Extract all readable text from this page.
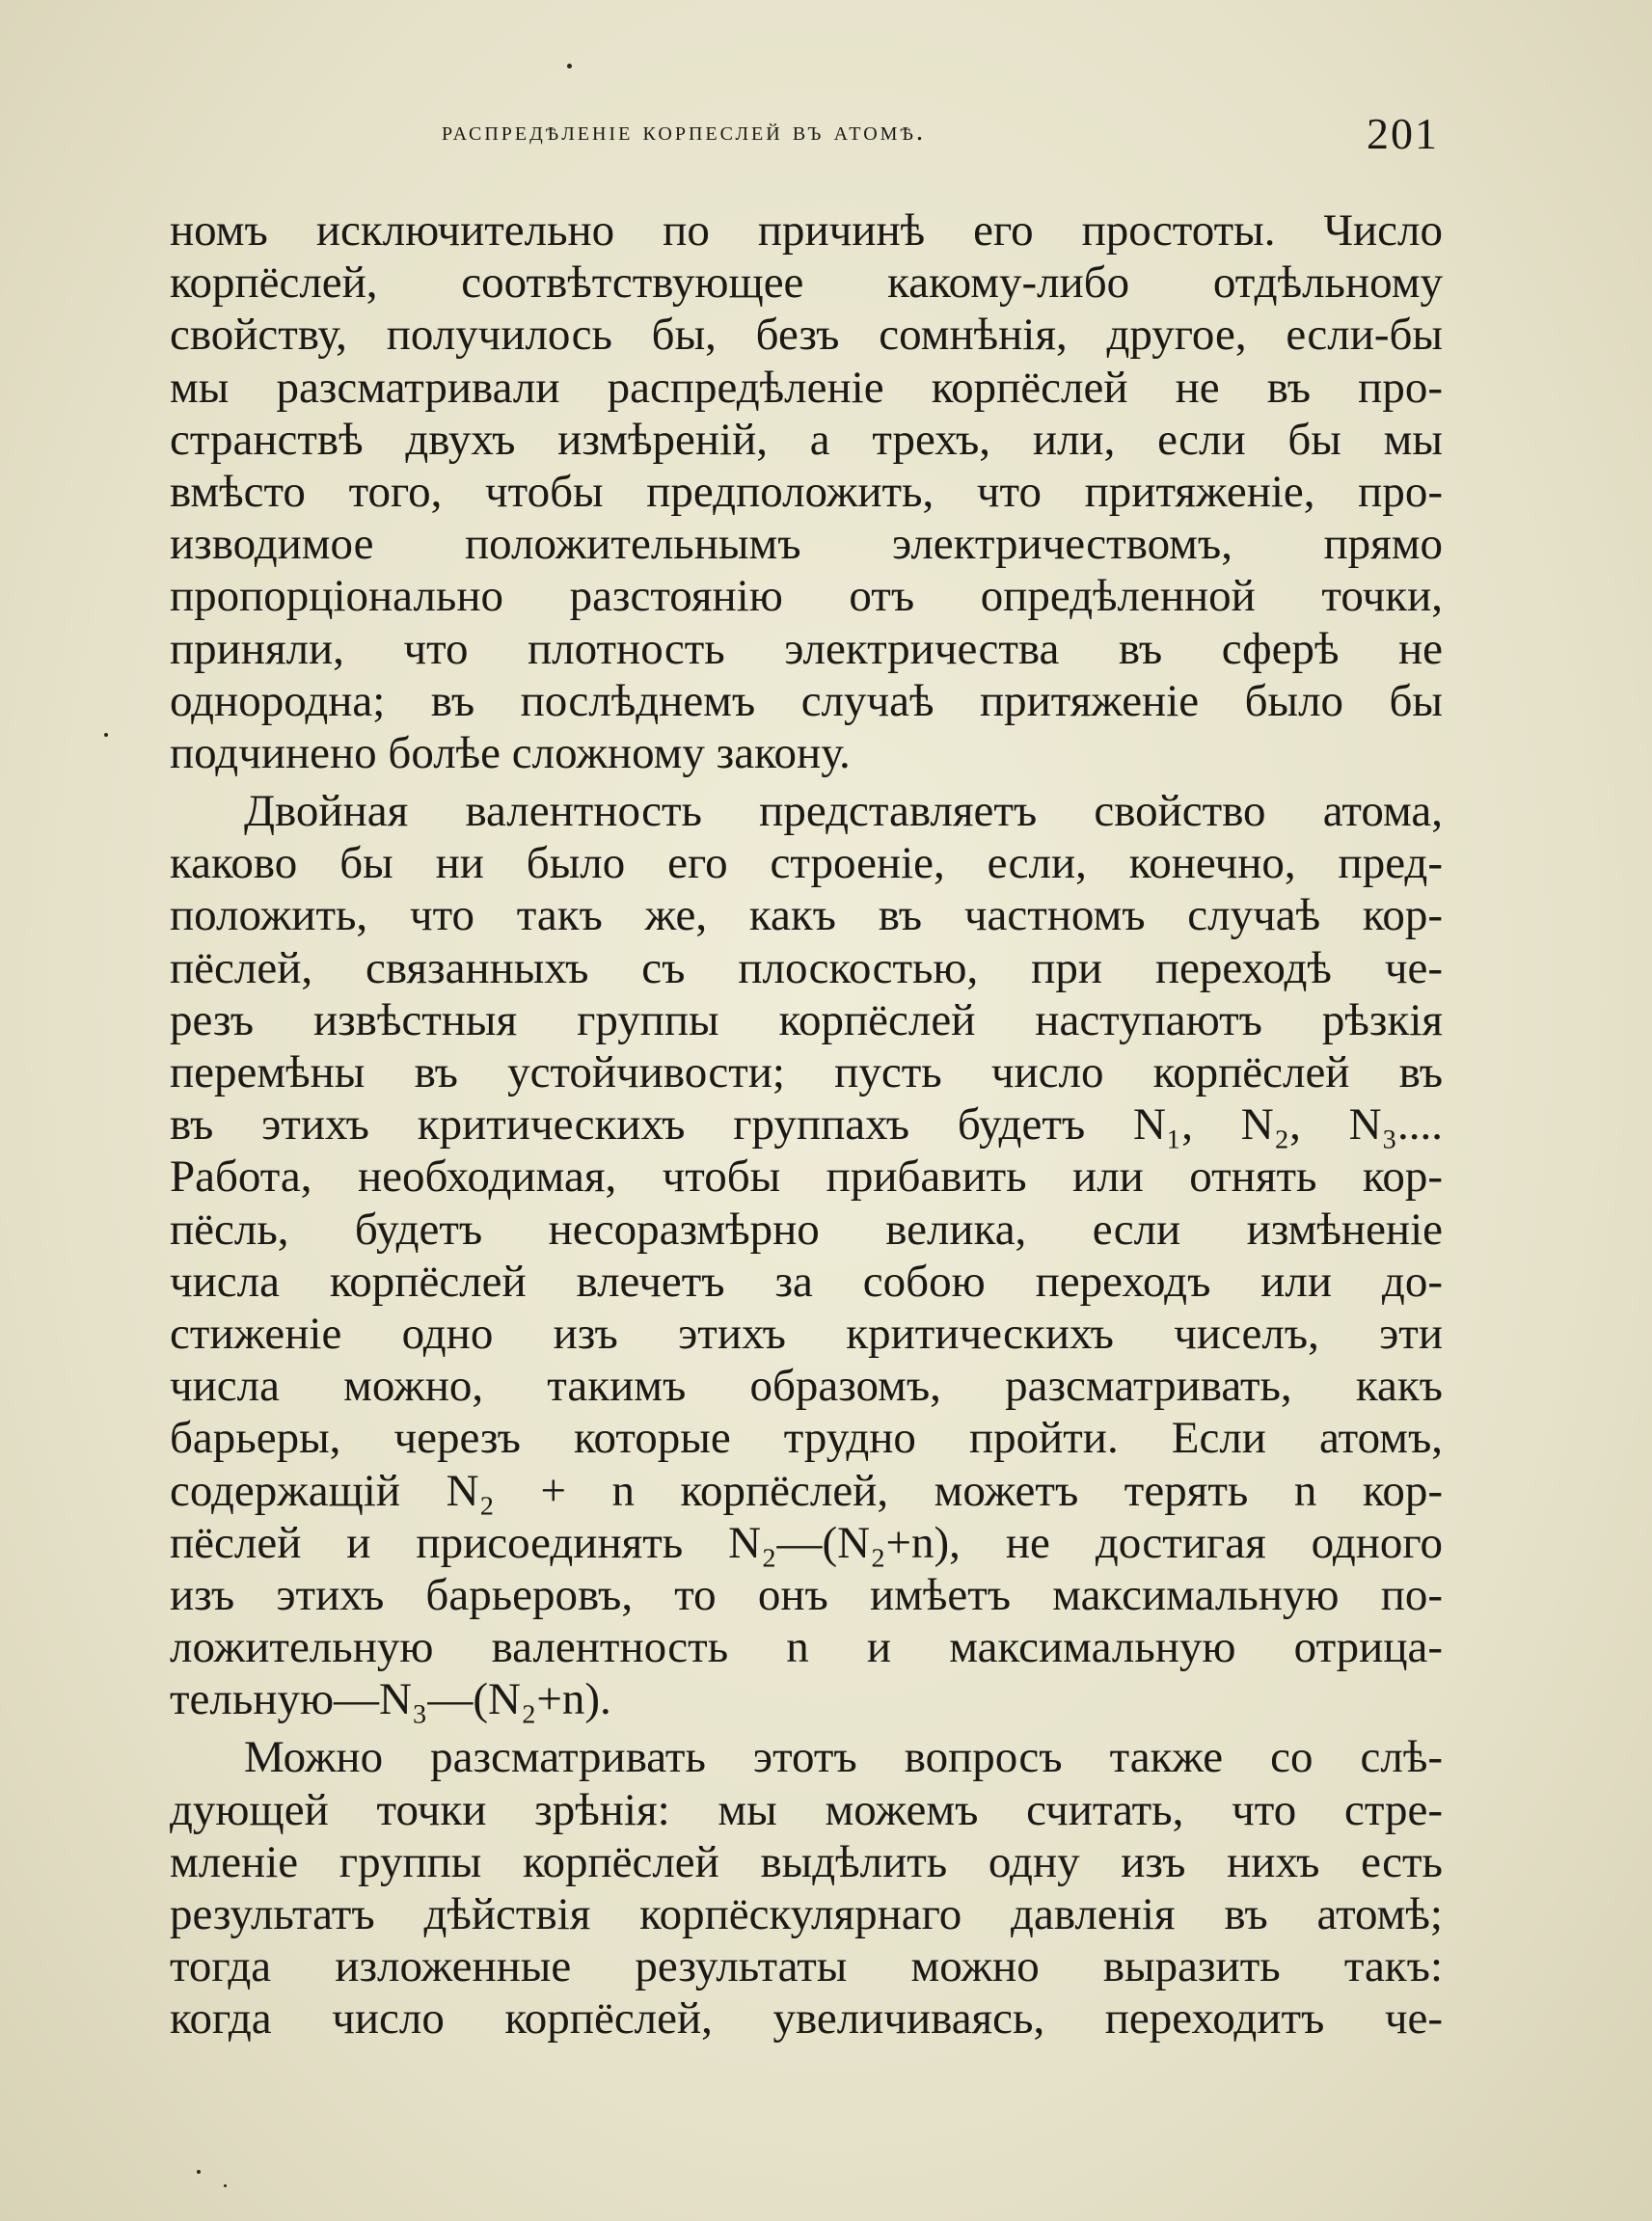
распредѣленіе корпеслей въ атомѣ.	201
номъ исключительно по причинѣ его простоты. Число
корпёслей, соотвѣтствующее какому-либо отдѣльному
свойству, получилось бы, безъ сомнѣнія, другое, если-бы
мы разсматривали распредѣленіе корпёслей не въ про-
странствѣ двухъ измѣреній, а трехъ, или, если бы мы
вмѣсто того, чтобы предположить, что притяженіе, про-
изводимое положительнымъ электричествомъ, прямо
пропорціонально разстоянію отъ опредѣленной точки,
приняли, что плотность электричества въ сферѣ не
однородна; въ послѣднемъ случаѣ притяженіе было бы
подчинено болѣе сложному закону.
Двойная валентность представляетъ свойство атома,
каково бы ни было его строеніе, если, конечно, пред-
положить, что такъ же, какъ въ частномъ случаѣ кор-
пёслей, связанныхъ съ плоскостью, при переходѣ че-
резъ извѣстныя группы корпёслей наступаютъ рѣзкія
перемѣны въ устойчивости; пусть число корпёслей въ
въ этихъ критическихъ группахъ будетъ N₁, N₂, N₃....
Работа, необходимая, чтобы прибавить или отнять кор-
пёсль, будетъ несоразмѣрно велика, если измѣненіе
числа корпёслей влечетъ за собою переходъ или до-
стиженіе одно изъ этихъ критическихъ чиселъ, эти
числа можно, такимъ образомъ, разсматривать, какъ
барьеры, черезъ которые трудно пройти. Если атомъ,
содержащій N₂ + n корпёслей, можетъ терять n кор-
пёслей и присоединять N₂—(N₂+n), не достигая одного
изъ этихъ барьеровъ, то онъ имѣетъ максимальную по-
ложительную валентность n и максимальную отрица-
тельную—N₃—(N₂+n).
Можно разсматривать этотъ вопросъ также со слѣ-
дующей точки зрѣнія: мы можемъ считать, что стре-
мленіе группы корпёслей выдѣлить одну изъ нихъ есть
результатъ дѣйствія корпёскулярнаго давленія въ атомѣ;
тогда изложенные результаты можно выразить такъ:
когда число корпёслей, увеличиваясь, переходитъ че-
